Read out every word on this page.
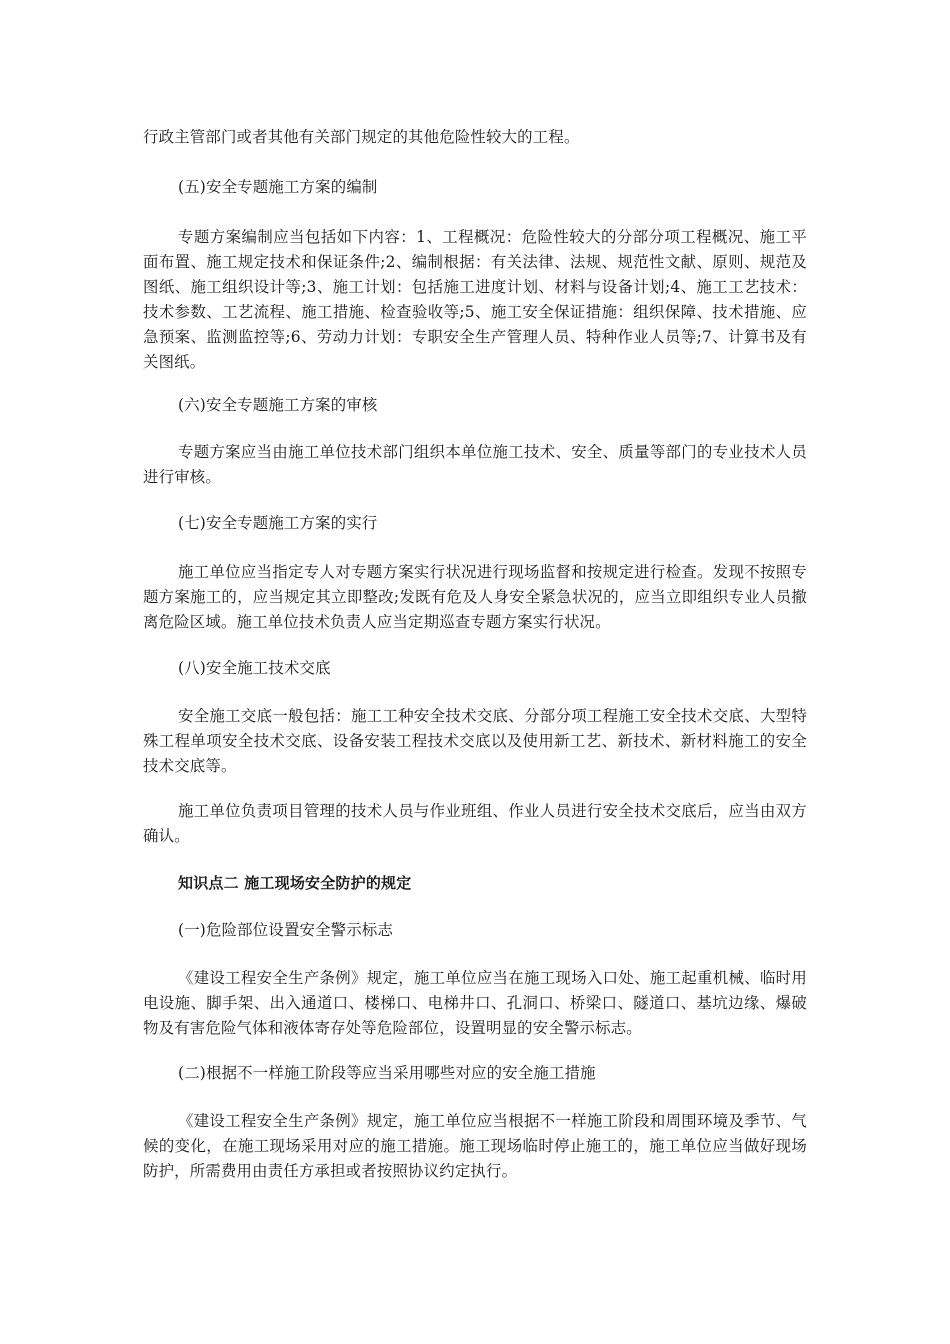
行政主管部门或者其他有关部门规定的其他危险性较大的工程。

(五)安全专题施工方案的编制

专题方案编制应当包括如下内容：1、工程概况：危险性较大的分部分项工程概况、施工平面布置、施工规定技术和保证条件;2、编制根据：有关法律、法规、规范性文献、原则、规范及图纸、施工组织设计等;3、施工计划：包括施工进度计划、材料与设备计划;4、施工工艺技术：技术参数、工艺流程、施工措施、检查验收等;5、施工安全保证措施：组织保障、技术措施、应急预案、监测监控等;6、劳动力计划：专职安全生产管理人员、特种作业人员等;7、计算书及有关图纸。

(六)安全专题施工方案的审核

专题方案应当由施工单位技术部门组织本单位施工技术、安全、质量等部门的专业技术人员进行审核。

(七)安全专题施工方案的实行

施工单位应当指定专人对专题方案实行状况进行现场监督和按规定进行检查。发现不按照专题方案施工的，应当规定其立即整改;发既有危及人身安全紧急状况的，应当立即组织专业人员撤离危险区域。施工单位技术负责人应当定期巡查专题方案实行状况。

(八)安全施工技术交底

安全施工交底一般包括：施工工种安全技术交底、分部分项工程施工安全技术交底、大型特殊工程单项安全技术交底、设备安装工程技术交底以及使用新工艺、新技术、新材料施工的安全技术交底等。

施工单位负责项目管理的技术人员与作业班组、作业人员进行安全技术交底后，应当由双方确认。

知识点二 施工现场安全防护的规定

(一)危险部位设置安全警示标志

《建设工程安全生产条例》规定，施工单位应当在施工现场入口处、施工起重机械、临时用电设施、脚手架、出入通道口、楼梯口、电梯井口、孔洞口、桥梁口、隧道口、基坑边缘、爆破物及有害危险气体和液体寄存处等危险部位，设置明显的安全警示标志。

(二)根据不一样施工阶段等应当采用哪些对应的安全施工措施

《建设工程安全生产条例》规定，施工单位应当根据不一样施工阶段和周围环境及季节、气候的变化，在施工现场采用对应的施工措施。施工现场临时停止施工的，施工单位应当做好现场防护，所需费用由责任方承担或者按照协议约定执行。
